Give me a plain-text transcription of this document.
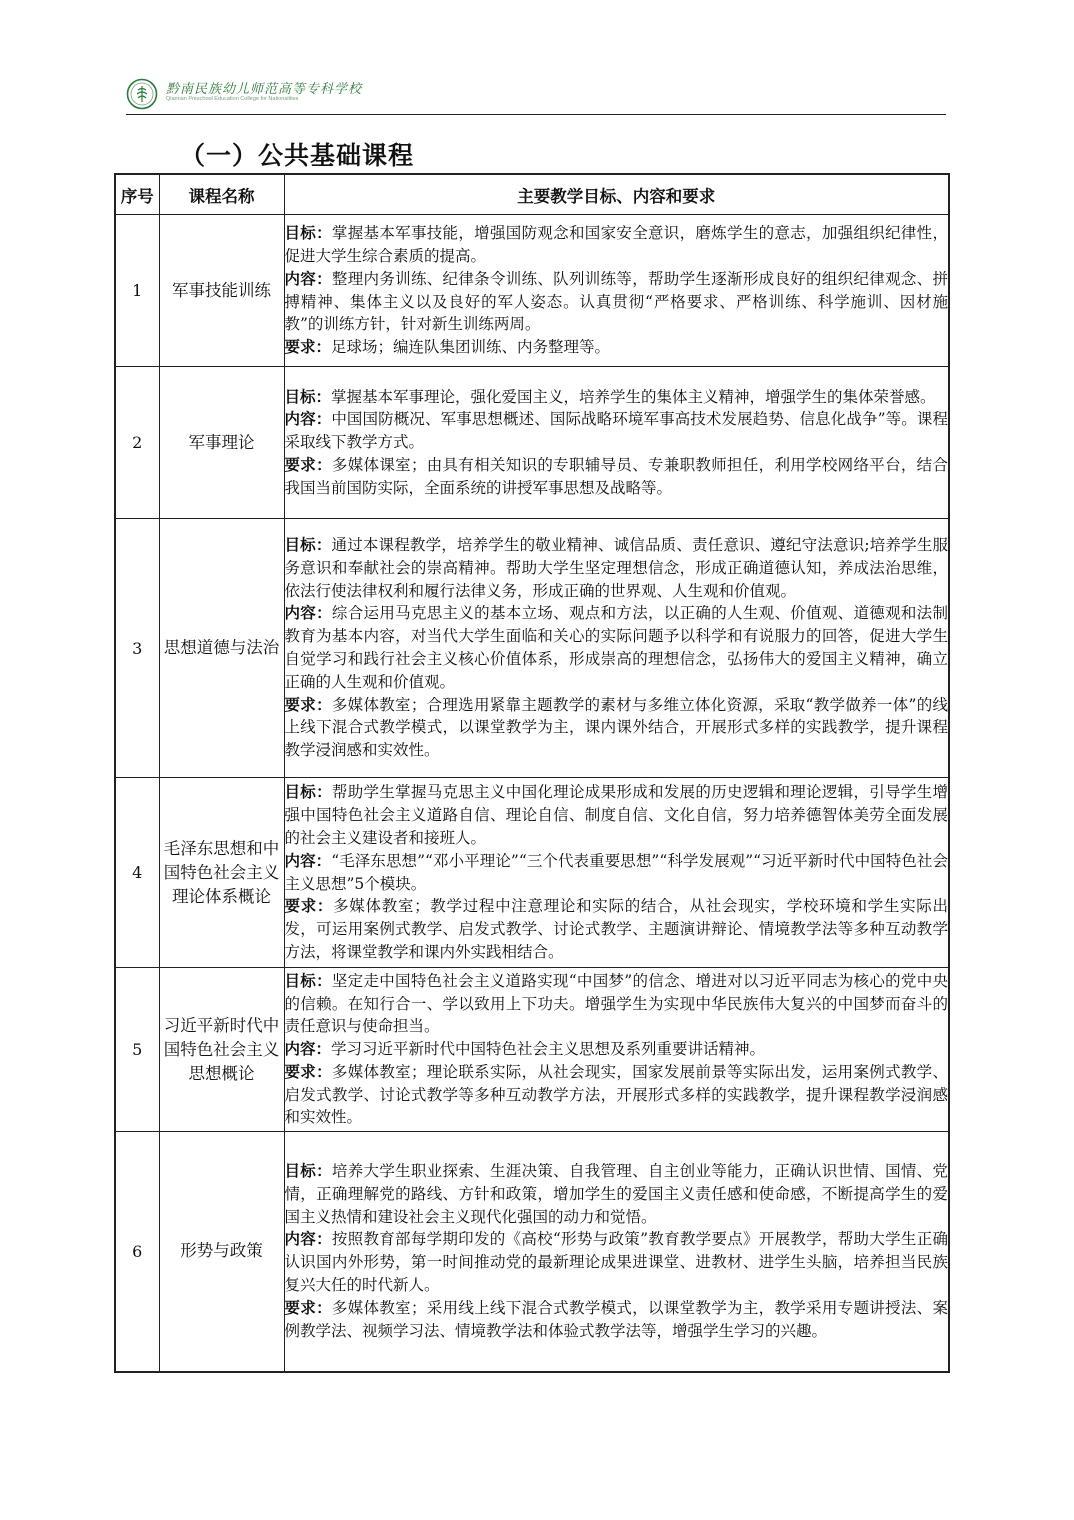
黔南民族幼儿师范高等专科学校
Qiannan Preschool Education College for Nationalities
（一）公共基础课程
序号	课程名称	主要教学目标、内容和要求
1	军事技能训练	目标：掌握基本军事技能，增强国防观念和国家安全意识，磨炼学生的意志，加强组织纪律性，促进大学生综合素质的提高。
内容：整理内务训练、纪律条令训练、队列训练等，帮助学生逐渐形成良好的组织纪律观念、拼搏精神、集体主义以及良好的军人姿态。认真贯彻“严格要求、严格训练、科学施训、因材施教”的训练方针，针对新生训练两周。
要求：足球场；编连队集团训练、内务整理等。

2	军事理论	目标：掌握基本军事理论，强化爱国主义，培养学生的集体主义精神，增强学生的集体荣誉感。
内容：中国国防概况、军事思想概述、国际战略环境军事高技术发展趋势、信息化战争”等。课程采取线下教学方式。
要求：多媒体课室；由具有相关知识的专职辅导员、专兼职教师担任，利用学校网络平台，结合我国当前国防实际，全面系统的讲授军事思想及战略等。

3	思想道德与法治	目标：通过本课程教学，培养学生的敬业精神、诚信品质、责任意识、遵纪守法意识;培养学生服务意识和奉献社会的崇高精神。帮助大学生坚定理想信念，形成正确道德认知，养成法治思维，依法行使法律权利和履行法律义务，形成正确的世界观、人生观和价值观。
内容：综合运用马克思主义的基本立场、观点和方法，以正确的人生观、价值观、道德观和法制教育为基本内容，对当代大学生面临和关心的实际问题予以科学和有说服力的回答，促进大学生自觉学习和践行社会主义核心价值体系，形成崇高的理想信念，弘扬伟大的爱国主义精神，确立正确的人生观和价值观。
要求：多媒体教室；合理选用紧靠主题教学的素材与多维立体化资源，采取“教学做养一体”的线上线下混合式教学模式，以课堂教学为主，课内课外结合，开展形式多样的实践教学，提升课程教学浸润感和实效性。

4	毛泽东思想和中国特色社会主义理论体系概论	目标：帮助学生掌握马克思主义中国化理论成果形成和发展的历史逻辑和理论逻辑，引导学生增强中国特色社会主义道路自信、理论自信、制度自信、文化自信，努力培养德智体美劳全面发展的社会主义建设者和接班人。
内容：“毛泽东思想”“邓小平理论”“三个代表重要思想”“科学发展观”“习近平新时代中国特色社会主义思想”5个模块。
要求：多媒体教室；教学过程中注意理论和实际的结合，从社会现实，学校环境和学生实际出发，可运用案例式教学、启发式教学、讨论式教学、主题演讲辩论、情境教学法等多种互动教学方法，将课堂教学和课内外实践相结合。

5	习近平新时代中国特色社会主义思想概论	目标：坚定走中国特色社会主义道路实现“中国梦”的信念、增进对以习近平同志为核心的党中央的信赖。在知行合一、学以致用上下功夫。增强学生为实现中华民族伟大复兴的中国梦而奋斗的责任意识与使命担当。
内容：学习习近平新时代中国特色社会主义思想及系列重要讲话精神。
要求：多媒体教室；理论联系实际，从社会现实，国家发展前景等实际出发，运用案例式教学、启发式教学、讨论式教学等多种互动教学方法，开展形式多样的实践教学，提升课程教学浸润感和实效性。

6	形势与政策	目标：培养大学生职业探索、生涯决策、自我管理、自主创业等能力，正确认识世情、国情、党情，正确理解党的路线、方针和政策，增加学生的爱国主义责任感和使命感，不断提高学生的爱国主义热情和建设社会主义现代化强国的动力和觉悟。
内容：按照教育部每学期印发的《高校“形势与政策”教育教学要点》开展教学，帮助大学生正确认识国内外形势，第一时间推动党的最新理论成果进课堂、进教材、进学生头脑，培养担当民族复兴大任的时代新人。
要求：多媒体教室；采用线上线下混合式教学模式，以课堂教学为主，教学采用专题讲授法、案例教学法、视频学习法、情境教学法和体验式教学法等，增强学生学习的兴趣。
